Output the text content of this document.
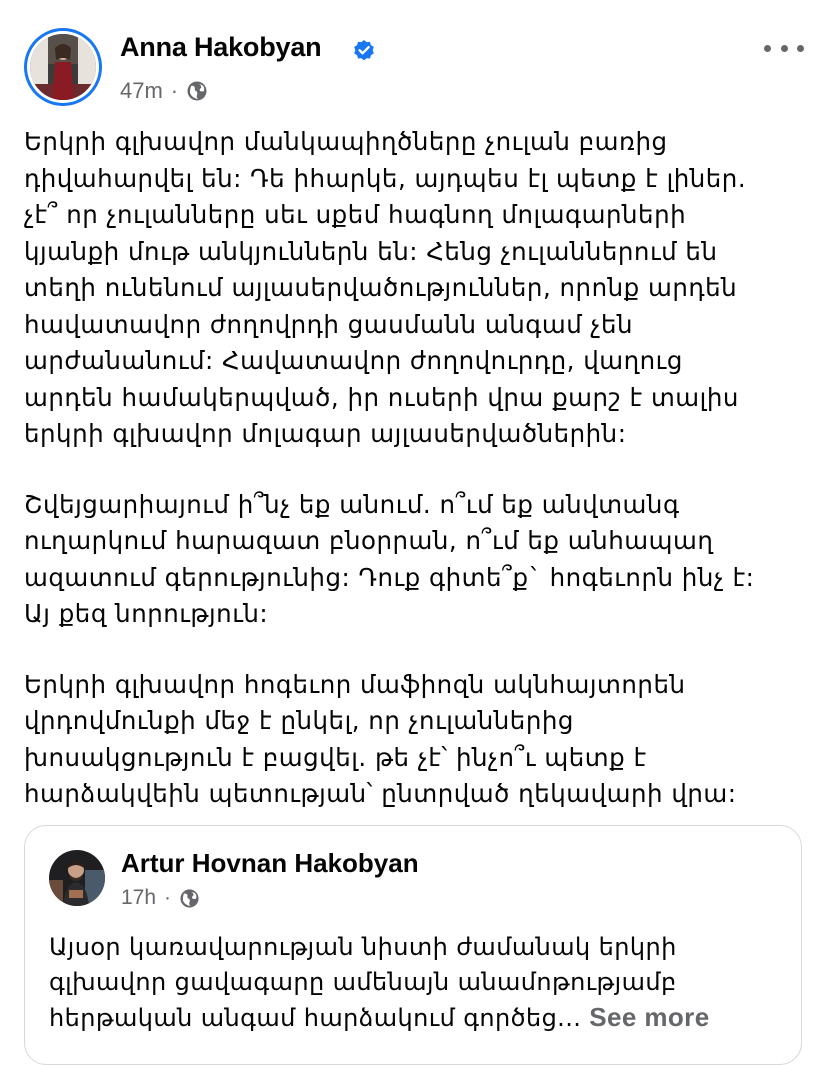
Anna Hakobyan
47m ·

Երկրի գլխավոր մանկապիղծները չուլան բառից
դիվահարվել են: Դե իհարկե, այդպես էլ պետք է լիներ.
չէ՞ որ չուլանները սեւ սքեմ հագնող մոլագարների
կյանքի մութ անկյուններն են: Հենց չուլաններում են
տեղի ունենում այլասերվածություններ, որոնք արդեն
հավատավոր ժողովրդի ցասմանն անգամ չեն
արժանանում: Հավատավոր ժողովուրդը, վաղուց
արդեն համակերպված, իր ուսերի վրա քարշ է տալիս
երկրի գլխավոր մոլագար այլասերվածներին:

Շվեյցարիայում ի՞նչ եք անում. ո՞ւմ եք անվտանգ
ուղարկում հարազատ բնօրրան, ո՞ւմ եք անհապաղ
ազատում գերությունից: Դուք գիտե՞ք` հոգեւորն ինչ է:
Այ քեզ նորություն:

Երկրի գլխավոր հոգեւոր մաֆիոզն ակնհայտորեն
վրդովմունքի մեջ է ընկել, որ չուլաններից
խոսակցություն է բացվել. թե չէ՝ ինչո՞ւ պետք է
հարձակվեին պետության՝ ընտրված ղեկավարի վրա:

Artur Hovnan Hakobyan
17h ·

Այսօր կառավարության նիստի ժամանակ երկրի
գլխավոր ցավագարը ամենայն անամոթությամբ
հերթական անգամ հարձակում գործեց... See more
